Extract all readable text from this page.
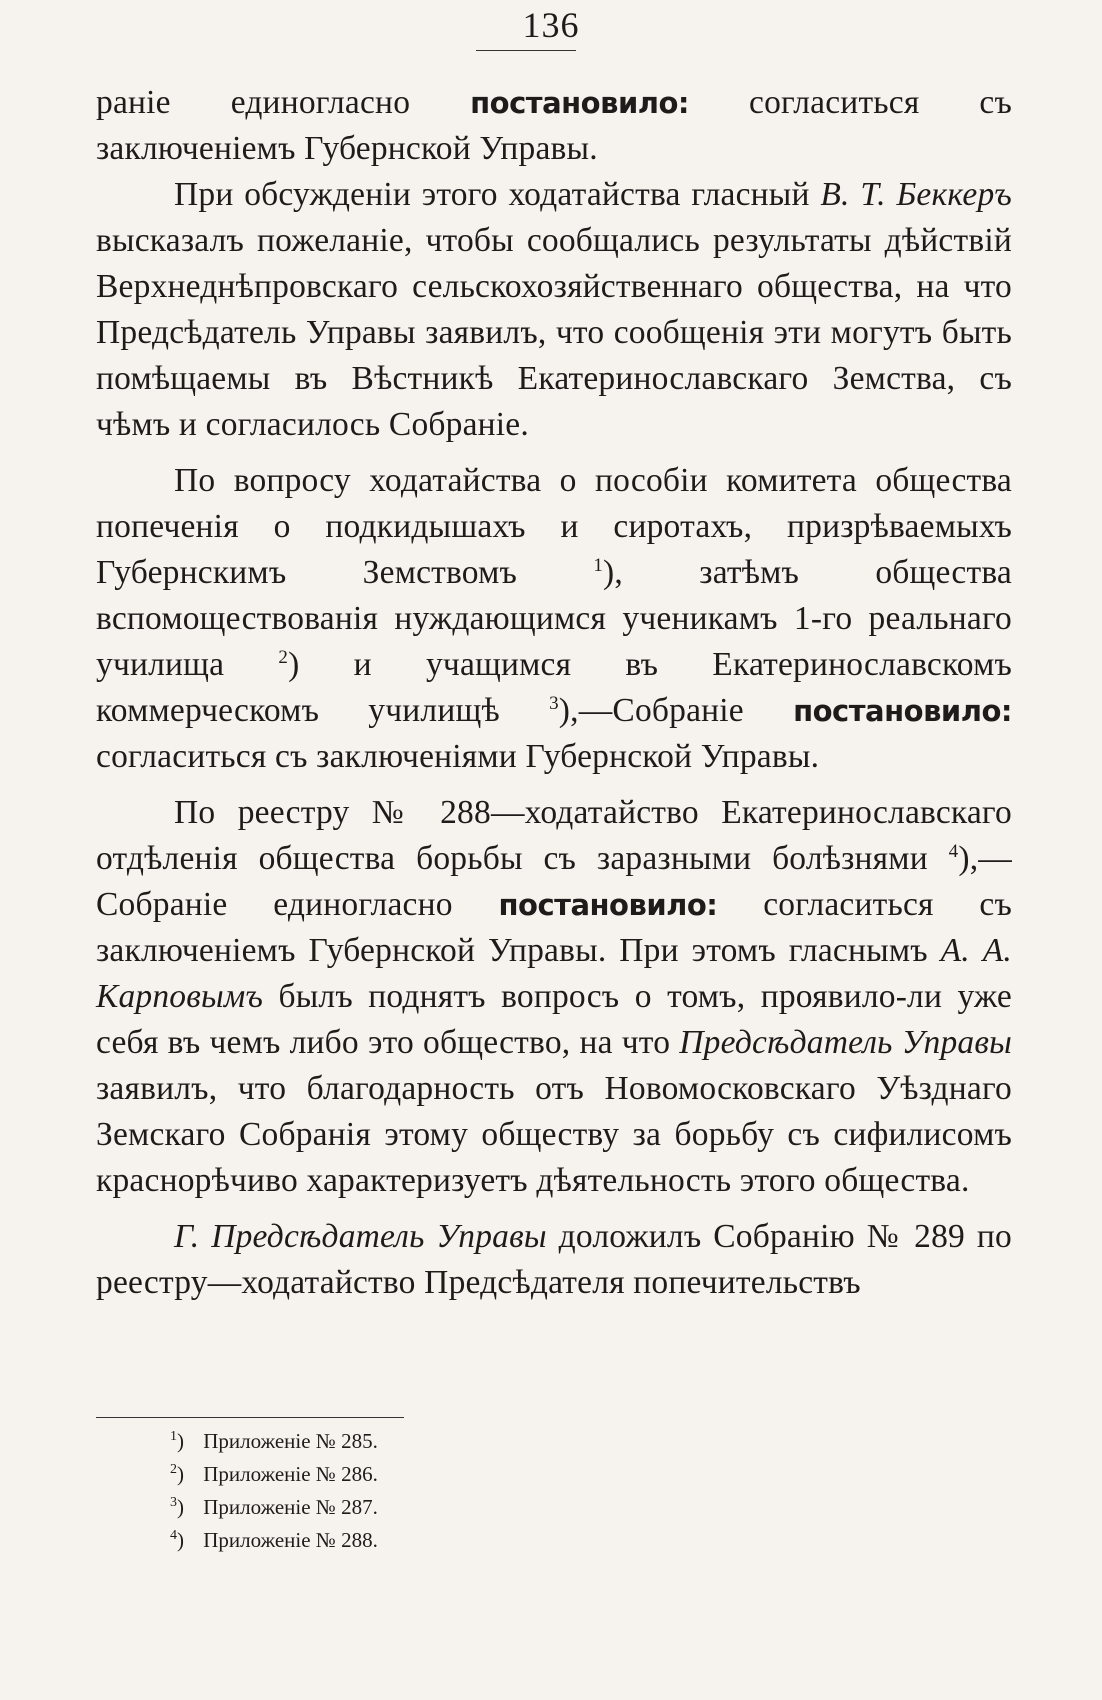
136

раніе единогласно постановило: согласиться съ заключеніемъ Губернской Управы.

При обсужденіи этого ходатайства гласный В. Т. Беккеръ высказалъ пожеланіе, чтобы сообщались результаты дѣйствій Верхнеднѣпровскаго сельскохозяйственнаго общества, на что Предсѣдатель Управы заявилъ, что сообщенія эти могутъ быть помѣщаемы въ Вѣстникѣ Екатеринославскаго Земства, съ чѣмъ и согласилось Собраніе.

По вопросу ходатайства о пособіи комитета общества попеченія о подкидышахъ и сиротахъ, призрѣваемыхъ Губернскимъ Земствомъ $^1$), затѣмъ общества вспомоществованія нуждающимся ученикамъ 1-го реальнаго училища $^2$) и учащимся въ Екатеринославскомъ коммерческомъ училищѣ $^3$),—Собраніе постановило: согласиться съ заключеніями Губернской Управы.

По реестру № 288—ходатайство Екатеринославскаго отдѣленія общества борьбы съ заразными болѣзнями $^4$),—Собраніе единогласно постановило: согласиться съ заключеніемъ Губернской Управы. При этомъ гласнымъ А. А. Карповымъ былъ поднятъ вопросъ о томъ, проявило-ли уже себя въ чемъ либо это общество, на что Предсѣдатель Управы заявилъ, что благодарность отъ Новомосковскаго Уѣзднаго Земскаго Собранія этому обществу за борьбу съ сифилисомъ краснорѣчиво характеризуетъ дѣятельность этого общества.

Г. Предсѣдатель Управы доложилъ Собранію № 289 по реестру—ходатайство Предсѣдателя попечительствъ

$^1$) Приложеніе № 285.
$^2$) Приложеніе № 286.
$^3$) Приложеніе № 287.
$^4$) Приложеніе № 288.
